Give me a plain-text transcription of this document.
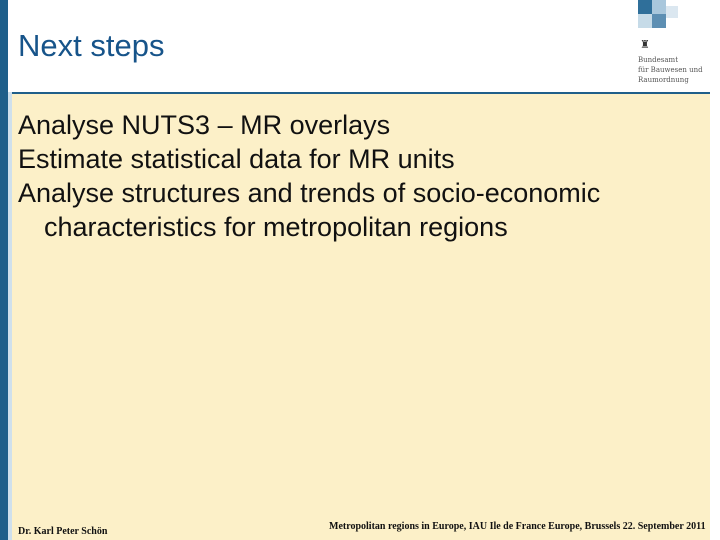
Next steps	♜
Bundesamt
für Bauwesen und
Raumordnung
Analyse NUTS3 – MR overlays
Estimate statistical data for MR units
Analyse structures and trends of socio-economic characteristics for metropolitan regions
Dr. Karl Peter Schön	Metropolitan regions in Europe, IAU Ile de France Europe, Brussels 22. September 2011
